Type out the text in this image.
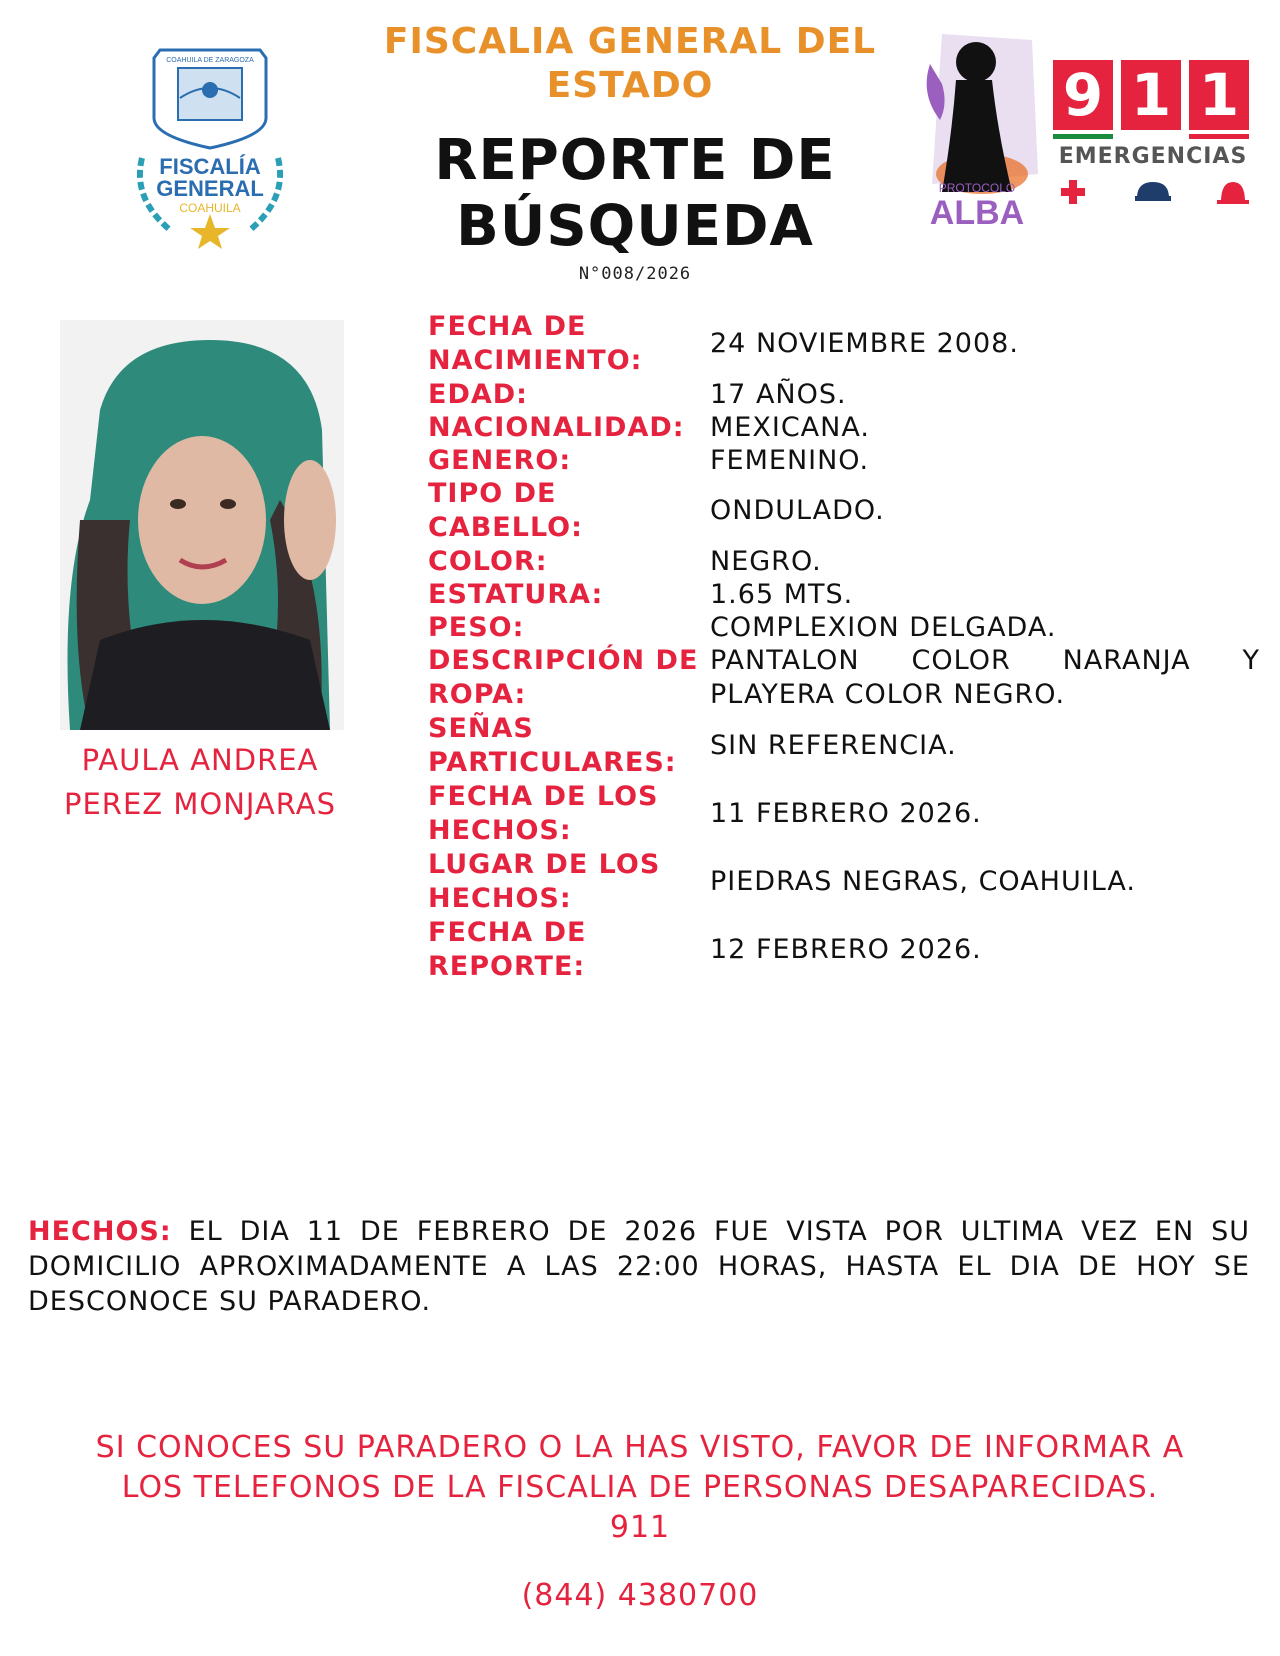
COAHUILA DE ZARAGOZA
FISCALÍA
GENERAL
COAHUILA
FISCALIA GENERAL DEL
ESTADO
REPORTE DE
BÚSQUEDA
N°008/2026
PROTOCOLO
ALBA
9 1 1
EMERGENCIAS
PAULA ANDREA
PEREZ MONJARAS
FECHA DE NACIMIENTO:
24 NOVIEMBRE 2008.
EDAD:	17 AÑOS.
NACIONALIDAD: MEXICANA.
GENERO:	FEMENINO.
TIPO DE CABELLO:
ONDULADO.
COLOR:	NEGRO.
ESTATURA:	1.65 MTS.
PESO:	COMPLEXION DELGADA.
DESCRIPCIÓN DE ROPA:
PANTALON COLOR NARANJA Y
PLAYERA COLOR NEGRO.
SEÑAS PARTICULARES:
SIN REFERENCIA.
FECHA DE LOS HECHOS:
11 FEBRERO 2026.
LUGAR DE LOS HECHOS:
PIEDRAS NEGRAS, COAHUILA.
FECHA DE REPORTE:
12 FEBRERO 2026.
HECHOS: EL DIA 11 DE FEBRERO DE 2026 FUE VISTA POR ULTIMA VEZ EN SU DOMICILIO APROXIMADAMENTE A LAS 22:00 HORAS, HASTA EL DIA DE HOY SE DESCONOCE SU PARADERO.
SI CONOCES SU PARADERO O LA HAS VISTO, FAVOR DE INFORMAR A
LOS TELEFONOS DE LA FISCALIA DE PERSONAS DESAPARECIDAS.
911
(844) 4380700
